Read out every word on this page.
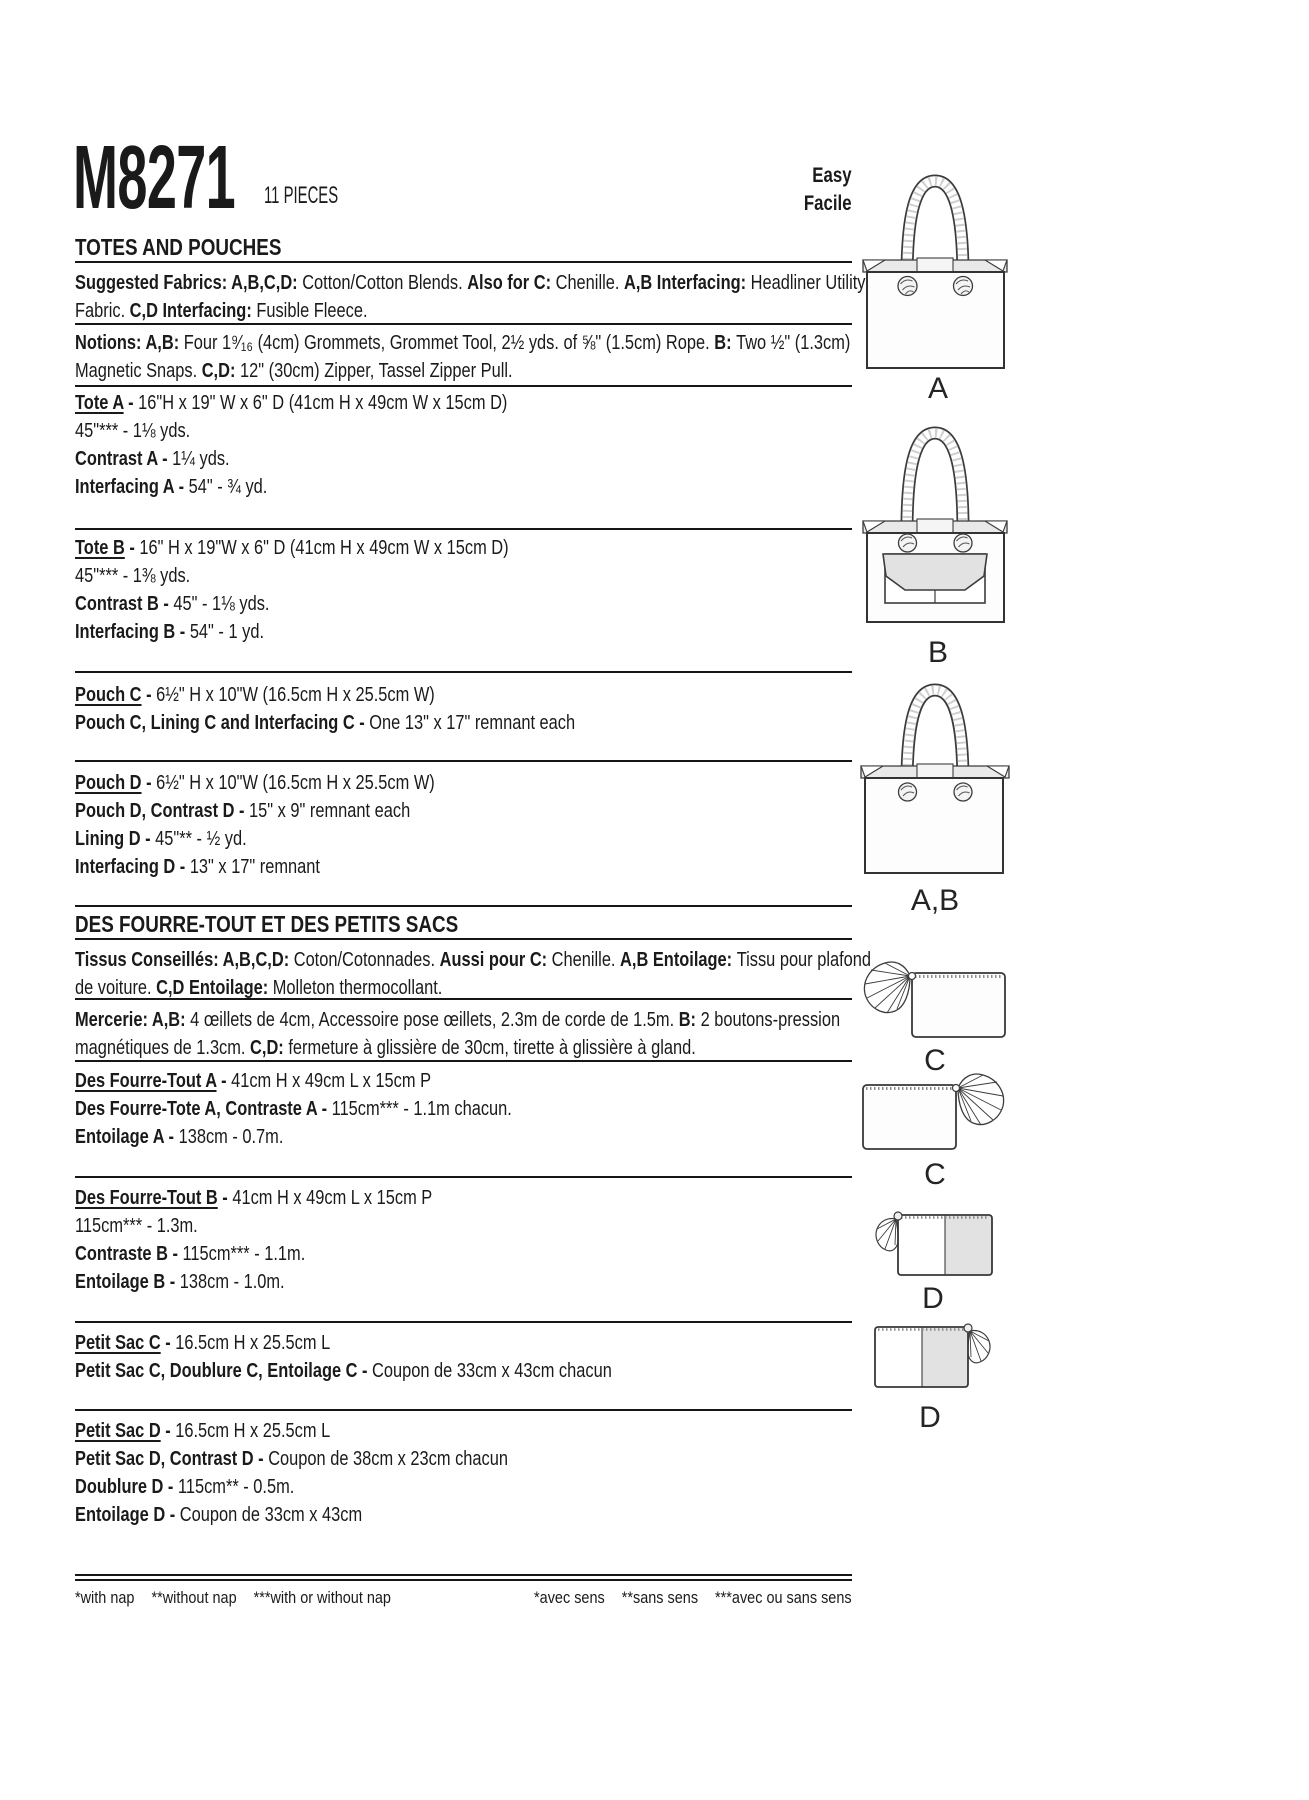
M8271 11 PIECES
Easy
Facile
TOTES AND POUCHES
Suggested Fabrics: A,B,C,D: Cotton/Cotton Blends. Also for C: Chenille. A,B Interfacing: Headliner Utility
Fabric. C,D Interfacing: Fusible Fleece.
Notions: A,B: Four 1⁹⁄₁₆ (4cm) Grommets, Grommet Tool, 2½ yds. of ⅝" (1.5cm) Rope. B: Two ½" (1.3cm)
Magnetic Snaps. C,D: 12" (30cm) Zipper, Tassel Zipper Pull.
Tote A - 16"H x 19" W x 6" D (41cm H x 49cm W x 15cm D)
45"*** - 1⅛ yds.
Contrast A - 1¼ yds.
Interfacing A - 54" - ¾ yd.
Tote B - 16" H x 19"W x 6" D (41cm H x 49cm W x 15cm D)
45"*** - 1⅜ yds.
Contrast B - 45" - 1⅛ yds.
Interfacing B - 54" - 1 yd.
Pouch C - 6½" H x 10"W (16.5cm H x 25.5cm W)
Pouch C, Lining C and Interfacing C - One 13" x 17" remnant each
Pouch D - 6½" H x 10"W (16.5cm H x 25.5cm W)
Pouch D, Contrast D - 15" x 9" remnant each
Lining D - 45"** - ½ yd.
Interfacing D - 13" x 17" remnant
DES FOURRE-TOUT ET DES PETITS SACS
Tissus Conseillés: A,B,C,D: Coton/Cotonnades. Aussi pour C: Chenille. A,B Entoilage: Tissu pour plafond
de voiture. C,D Entoilage: Molleton thermocollant.
Mercerie: A,B: 4 œillets de 4cm, Accessoire pose œillets, 2.3m de corde de 1.5m. B: 2 boutons-pression
magnétiques de 1.3cm. C,D: fermeture à glissière de 30cm, tirette à glissière à gland.
Des Fourre-Tout A - 41cm H x 49cm L x 15cm P
Des Fourre-Tote A, Contraste A - 115cm*** - 1.1m chacun.
Entoilage A - 138cm - 0.7m.
Des Fourre-Tout B - 41cm H x 49cm L x 15cm P
115cm*** - 1.3m.
Contraste B - 115cm*** - 1.1m.
Entoilage B - 138cm - 1.0m.
Petit Sac C - 16.5cm H x 25.5cm L
Petit Sac C, Doublure C, Entoilage C - Coupon de 33cm x 43cm chacun
Petit Sac D - 16.5cm H x 25.5cm L
Petit Sac D, Contrast D - Coupon de 38cm x 23cm chacun
Doublure D - 115cm** - 0.5m.
Entoilage D - Coupon de 33cm x 43cm
*with nap **without nap ***with or without nap	*avec sens **sans sens ***avec ou sans sens
A
B
A,B
C
C
D
D
